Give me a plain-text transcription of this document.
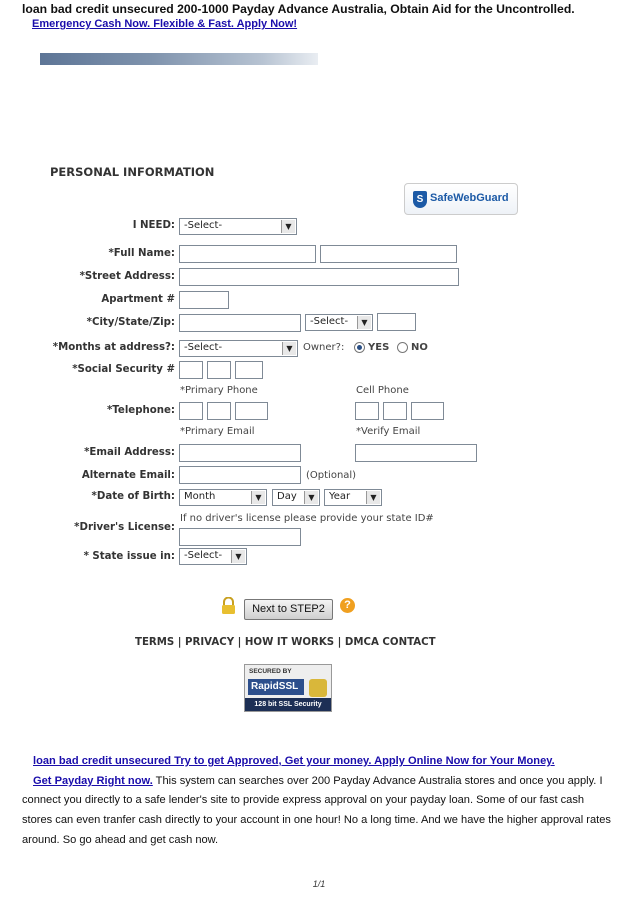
loan bad credit unsecured 200-1000 Payday Advance Australia, Obtain Aid for the Uncontrolled.
Emergency Cash Now. Flexible & Fast. Apply Now!
PERSONAL INFORMATION
S SafeWebGuard
I NEED: -Select-	▼
*Full Name:
*Street Address:
Apartment #
*City/State/Zip:	-Select-	▼
*Months at address?: -Select-	▼	Owner?: YES NO
*Social Security #
*Primary Phone	Cell Phone
*Telephone:
*Primary Email	*Verify Email
*Email Address:
Alternate Email:	(Optional)
*Date of Birth: Month	▼	Day	▼	Year	▼
If no driver's license please provide your state ID#
*Driver's License:
* State issue in: -Select-	▼
Next to STEP2	?
TERMS | PRIVACY | HOW IT WORKS | DMCA CONTACT
SECURED BY
RapidSSL
128 bit SSL Security
loan bad credit unsecured Try to get Approved, Get your money. Apply Online Now for Your Money.
Get Payday Right now. This system can searches over 200 Payday Advance Australia stores and once you apply. I connect you directly to a safe lender's site to provide express approval on your payday loan. Some of our fast cash stores can even tranfer cash directly to your account in one hour! No a long time. And we have the higher approval rates around. So go ahead and get cash now.
1/1
